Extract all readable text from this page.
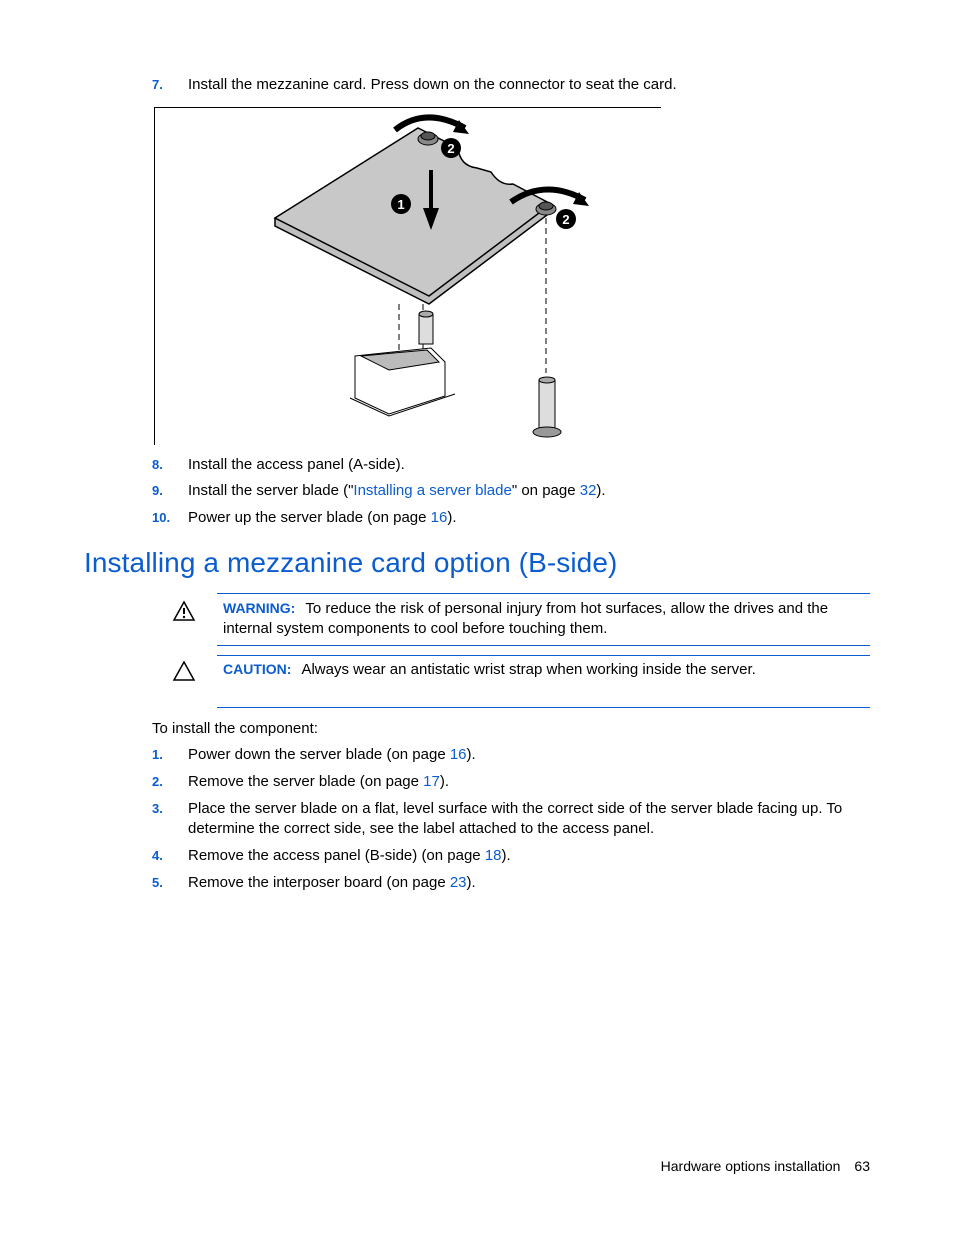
7. Install the mezzanine card. Press down on the connector to seat the card.
1
2
2
8. Install the access panel (A-side).
9. Install the server blade ("Installing a server blade" on page 32).
10. Power up the server blade (on page 16).
Installing a mezzanine card option (B-side)
WARNING: To reduce the risk of personal injury from hot surfaces, allow the drives and the internal system components to cool before touching them.
CAUTION: Always wear an antistatic wrist strap when working inside the server.
To install the component:
1. Power down the server blade (on page 16).
2. Remove the server blade (on page 17).
3. Place the server blade on a flat, level surface with the correct side of the server blade facing up. To determine the correct side, see the label attached to the access panel.
4. Remove the access panel (B-side) (on page 18).
5. Remove the interposer board (on page 23).
Hardware options installation 63
